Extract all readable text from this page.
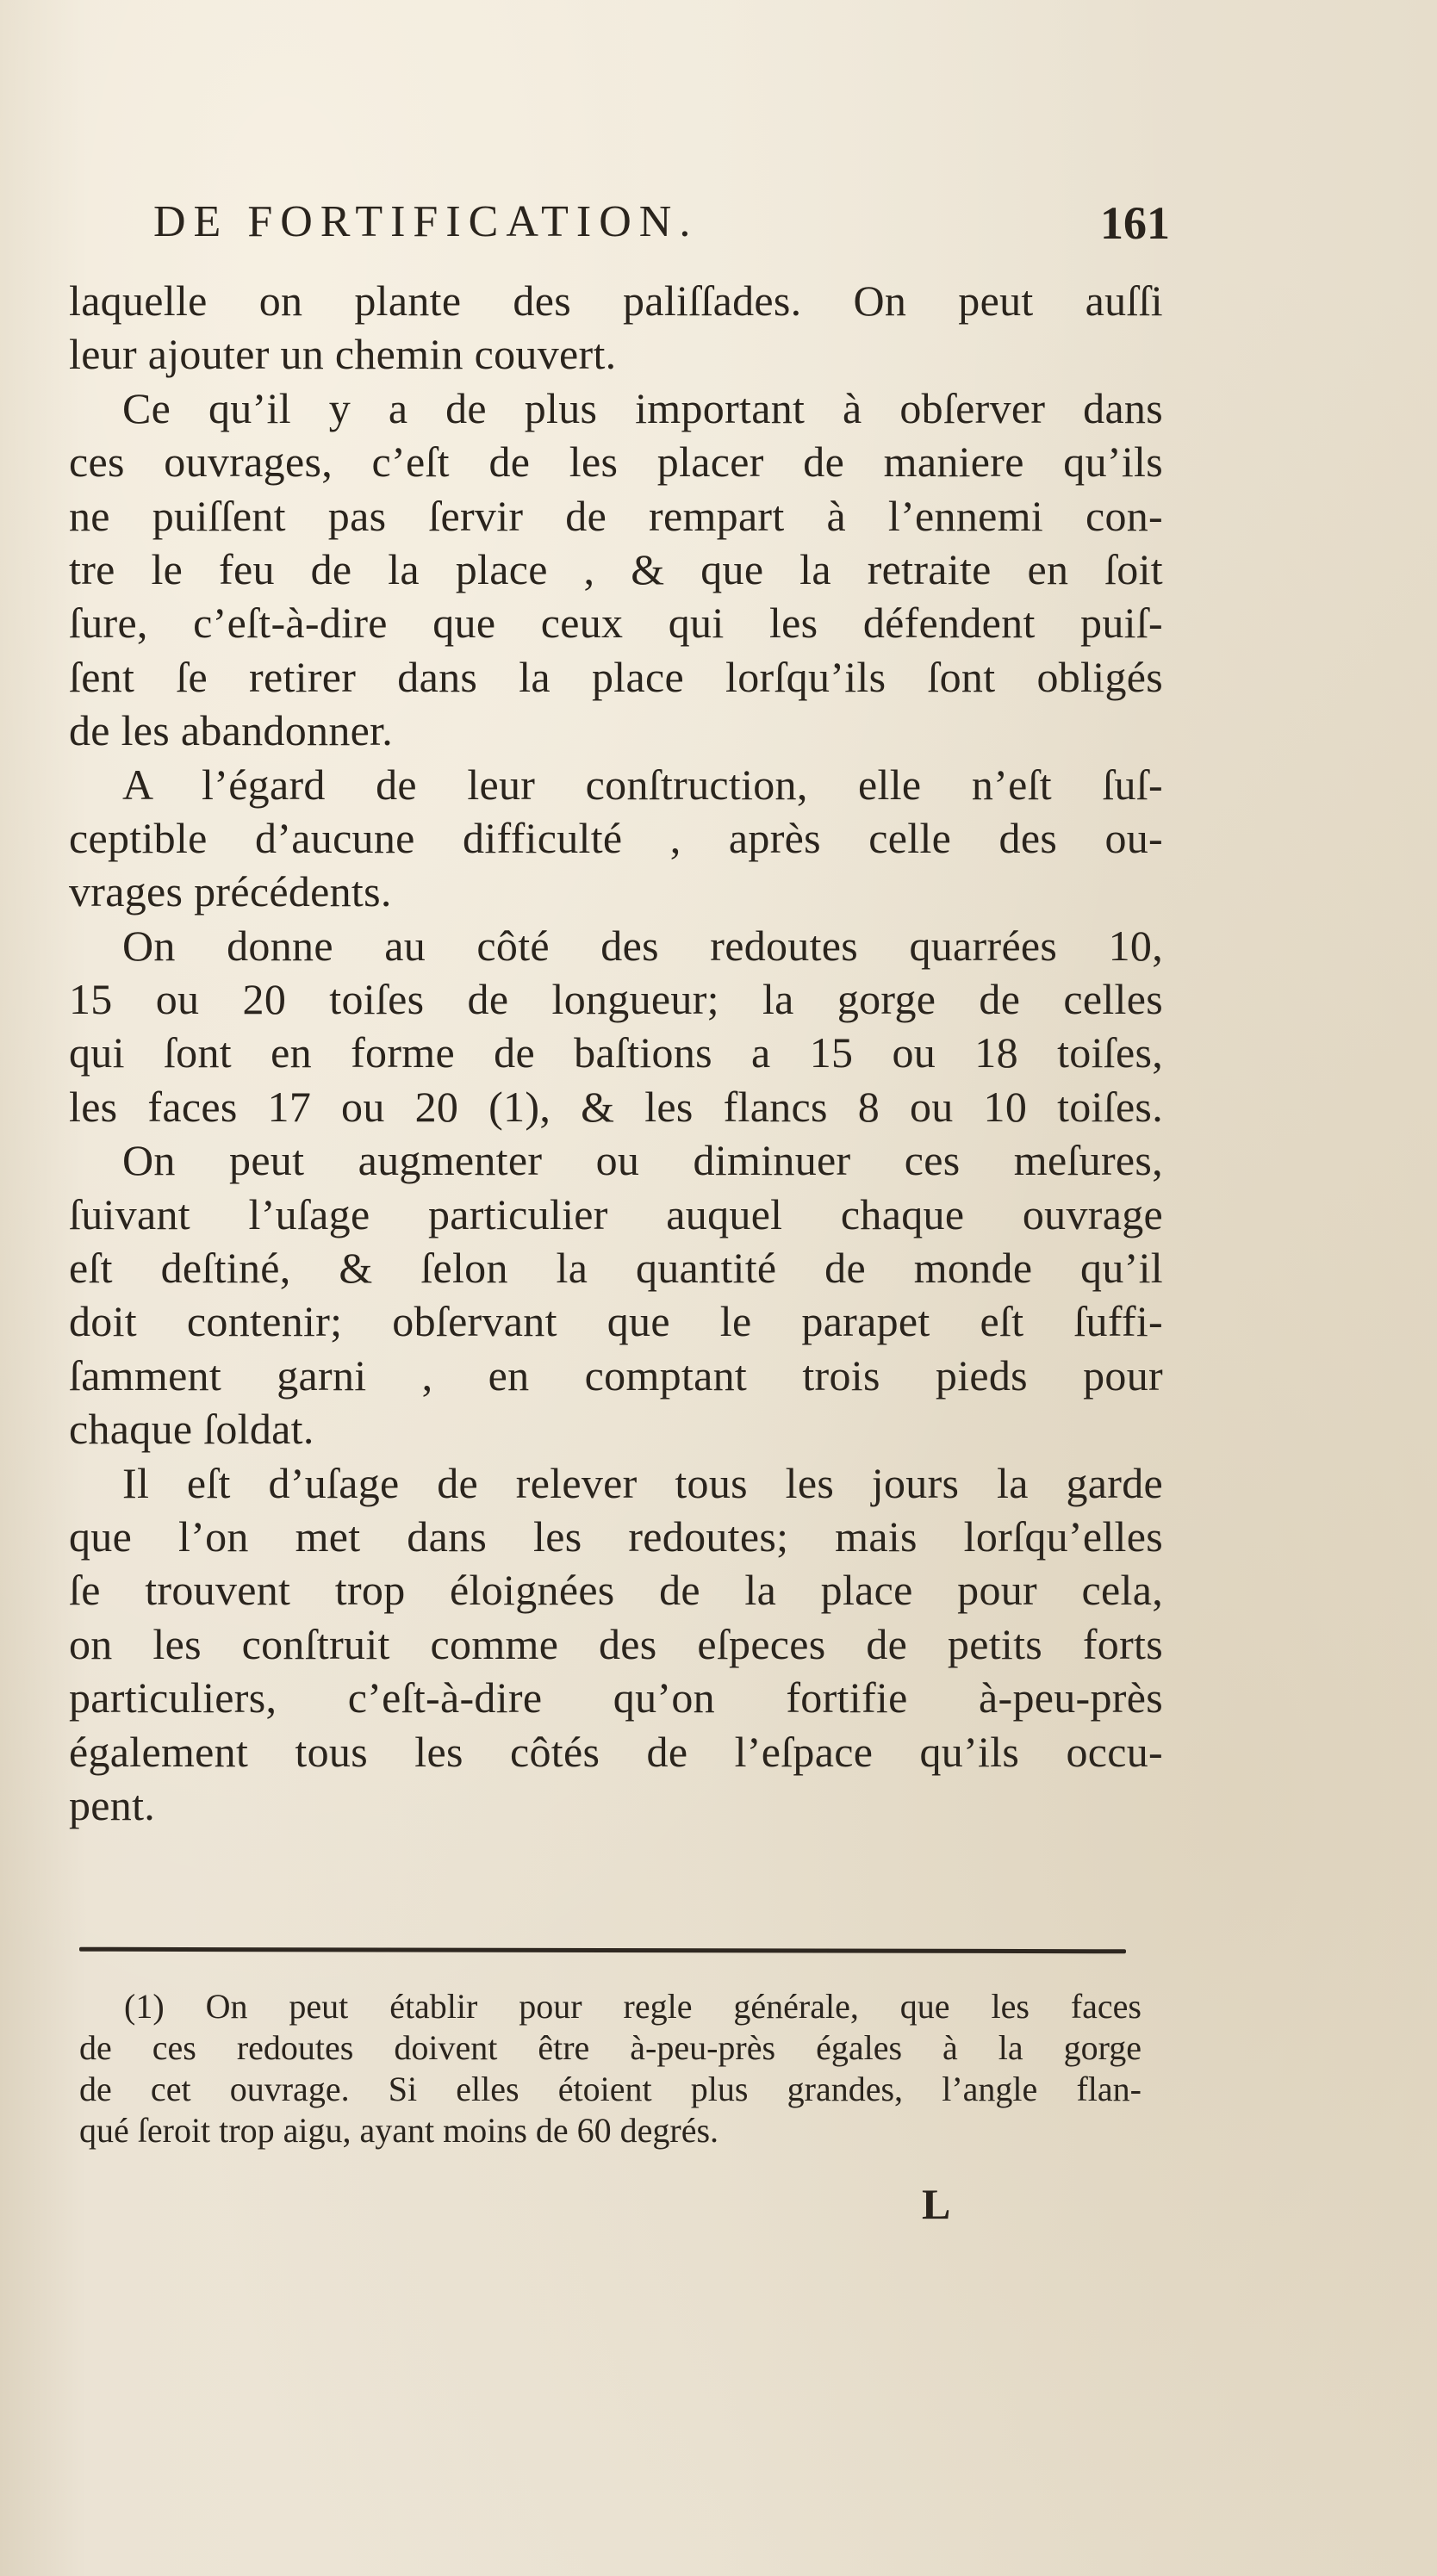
DE FORTIFICATION.	161
laquelle on plante des paliſſades. On peut auſſi
leur ajouter un chemin couvert.
Ce qu’il y a de plus important à obſerver dans
ces ouvrages, c’eſt de les placer de maniere qu’ils
ne puiſſent pas ſervir de rempart à l’ennemi con-
tre le feu de la place , & que la retraite en ſoit
ſure, c’eſt-à-dire que ceux qui les défendent puiſ-
ſent ſe retirer dans la place lorſqu’ils ſont obligés
de les abandonner.
A l’égard de leur conſtruction, elle n’eſt ſuſ-
ceptible d’aucune difficulté , après celle des ou-
vrages précédents.
On donne au côté des redoutes quarrées 10,
15 ou 20 toiſes de longueur; la gorge de celles
qui ſont en forme de baſtions a 15 ou 18 toiſes,
les faces 17 ou 20 (1), & les flancs 8 ou 10 toiſes.
On peut augmenter ou diminuer ces meſures,
ſuivant l’uſage particulier auquel chaque ouvrage
eſt deſtiné, & ſelon la quantité de monde qu’il
doit contenir; obſervant que le parapet eſt ſuffi-
ſamment garni , en comptant trois pieds pour
chaque ſoldat.
Il eſt d’uſage de relever tous les jours la garde
que l’on met dans les redoutes; mais lorſqu’elles
ſe trouvent trop éloignées de la place pour cela,
on les conſtruit comme des eſpeces de petits forts
particuliers, c’eſt-à-dire qu’on fortifie à-peu-près
également tous les côtés de l’eſpace qu’ils occu-
pent.
(1) On peut établir pour regle générale, que les faces
de ces redoutes doivent être à-peu-près égales à la gorge
de cet ouvrage. Si elles étoient plus grandes, l’angle flan-
qué ſeroit trop aigu, ayant moins de 60 degrés.
L
